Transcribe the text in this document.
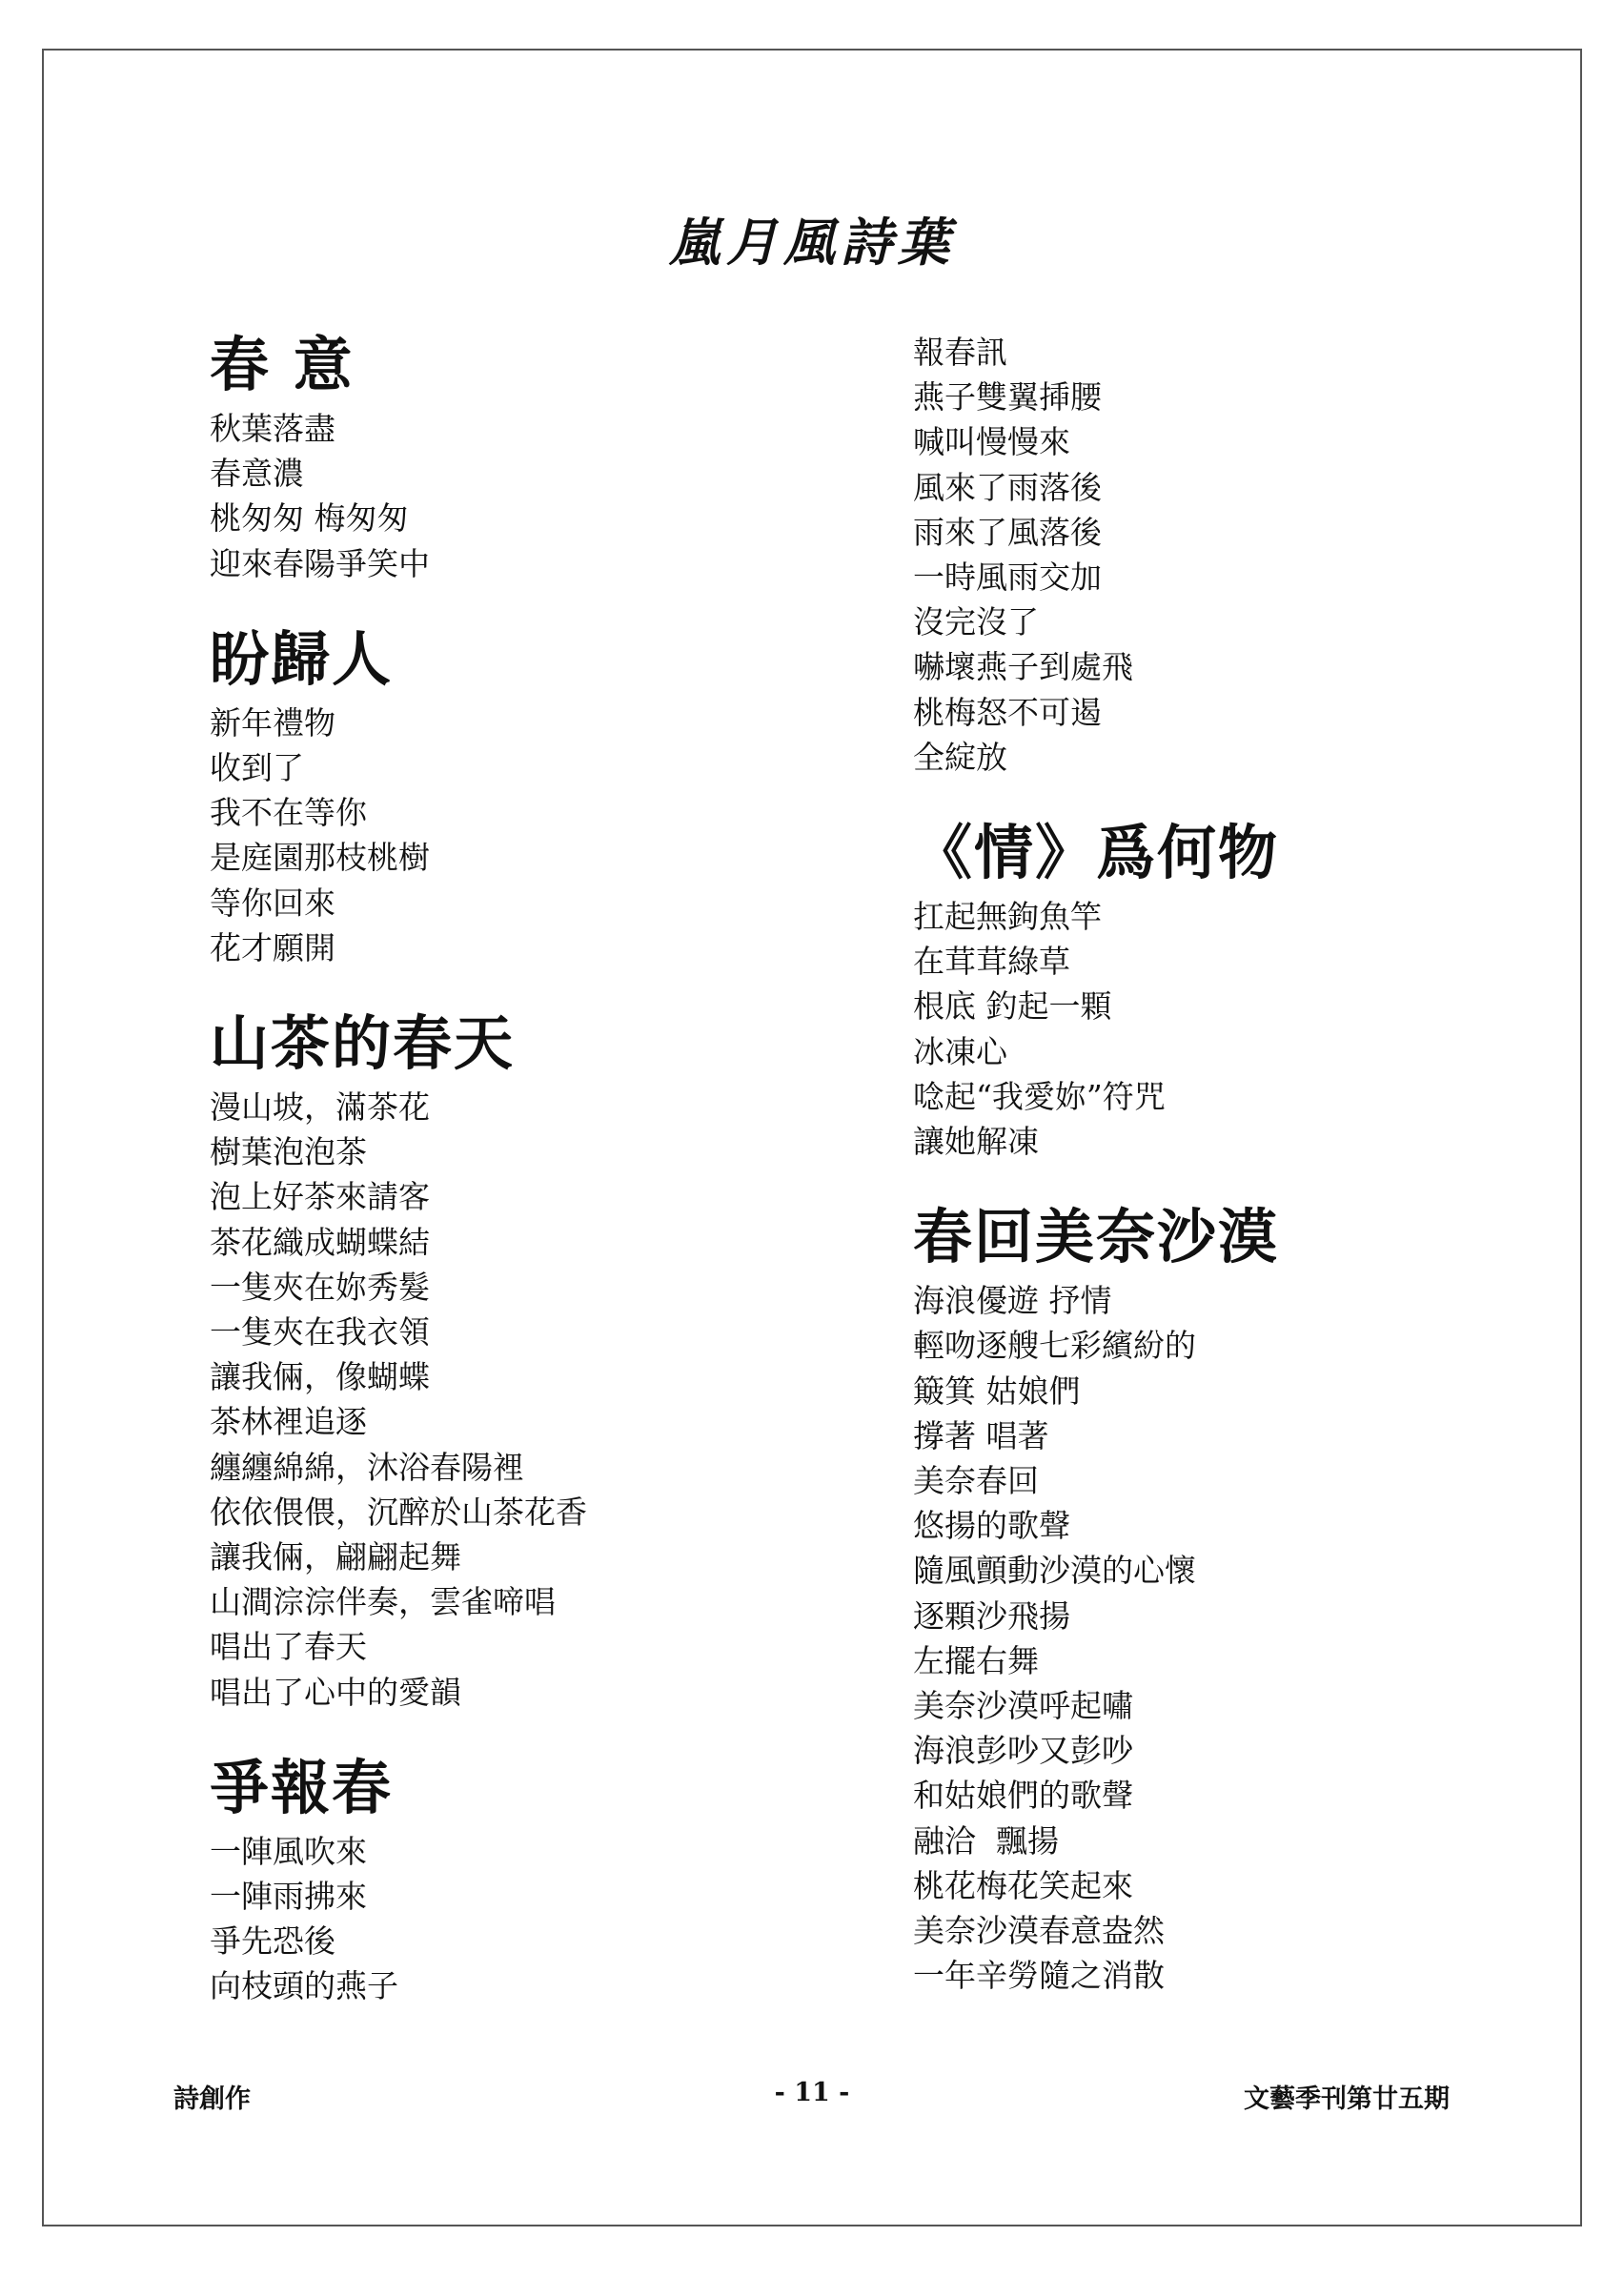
嵐月風詩葉
春 意
秋葉落盡
春意濃
桃匆匆 梅匆匆
迎來春陽爭笑中
盼歸人
新年禮物
收到了
我不在等你
是庭園那枝桃樹
等你回來
花才願開
山茶的春天
漫山坡，滿茶花
樹葉泡泡茶
泡上好茶來請客
茶花織成蝴蝶結
一隻夾在妳秀髮
一隻夾在我衣領
讓我倆，像蝴蝶
茶林裡追逐
纏纏綿綿，沐浴春陽裡
依依偎偎，沉醉於山茶花香
讓我倆，翩翩起舞
山澗淙淙伴奏，雲雀啼唱
唱出了春天
唱出了心中的愛韻
爭報春
一陣風吹來
一陣雨拂來
爭先恐後
向枝頭的燕子
報春訊
燕子雙翼揷腰
喊叫慢慢來
風來了雨落後
雨來了風落後
一時風雨交加
沒完沒了
嚇壞燕子到處飛
桃梅怒不可遏
全綻放
《情》爲何物
扛起無鉤魚竿
在茸茸綠草
根底 釣起一顆
冰凍心
唸起“我愛妳”符咒
讓她解凍
春回美奈沙漠
海浪優遊 抒情
輕吻逐艘七彩繽紛的
簸箕 姑娘們
撐著 唱著
美奈春回
悠揚的歌聲
隨風顫動沙漠的心懷
逐顆沙飛揚
左擺右舞
美奈沙漠呼起嘯
海浪彭吵又彭吵
和姑娘們的歌聲
融洽  飄揚
桃花梅花笑起來
美奈沙漠春意盎然
一年辛勞隨之消散
詩創作	- 11 -	文藝季刊第廿五期
